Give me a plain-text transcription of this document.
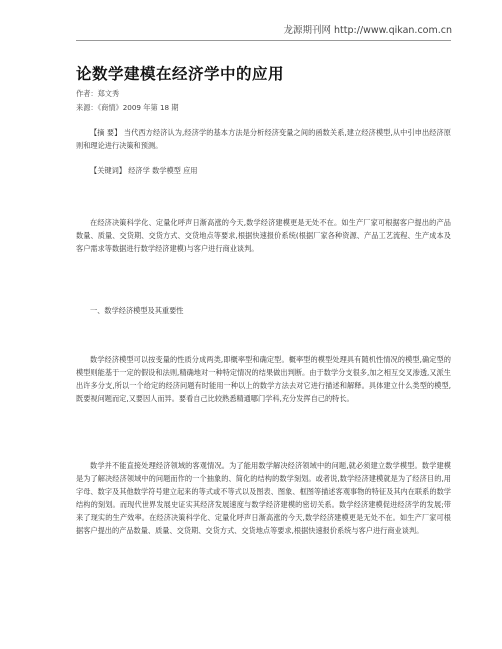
龙源期刊网 http://www.qikan.com.cn
论数学建模在经济学中的应用
作者：郑文秀
来源：《商情》2009 年第 18 期

【摘 要】 当代西方经济认为,经济学的基本方法是分析经济变量之间的函数关系,建立经济模型,从中引申出经济原则和理论进行决策和预测。

【关键词】 经济学 数学模型 应用

在经济决策科学化、定量化呼声日渐高涨的今天,数学经济建模更是无处不在。如生产厂家可根据客户提出的产品数量、质量、交货期、交货方式、交货地点等要求,根据快速报价系统(根据厂家各种资源、产品工艺流程、生产成本及客户需求等数据进行数学经济建模)与客户进行商业谈判。

一、数学经济模型及其重要性

数学经济模型可以按变量的性质分成两类,即概率型和确定型。概率型的模型处理具有随机性情况的模型,确定型的模型则能基于一定的假设和法则,精确地对一种特定情况的结果做出判断。由于数学分支很多,加之相互交叉渗透,又派生出许多分支,所以一个给定的经济问题有时能用一种以上的数学方法去对它进行描述和解释。具体建立什么类型的模型,既要视问题而定,又要因人而异。要看自己比较熟悉精通哪门学科,充分发挥自己的特长。

数学并不能直接处理经济领域的客观情况。为了能用数学解决经济领域中的问题,就必须建立数学模型。数学建模是为了解决经济领域中的问题而作的一个抽象的、简化的结构的数学刻划。或者说,数学经济建模就是为了经济目的,用字母、数字及其他数学符号建立起来的等式或不等式以及图表、图象、框图等描述客观事物的特征及其内在联系的数学结构的刻划。而现代世界发展史证实其经济发展速度与数学经济建模的密切关系。数学经济建模促进经济学的发展;带来了现实的生产效率。在经济决策科学化、定量化呼声日渐高涨的今天,数学经济建模更是无处不在。如生产厂家可根据客户提出的产品数量、质量、交货期、交货方式、交货地点等要求,根据快速报价系统与客户进行商业谈判。
